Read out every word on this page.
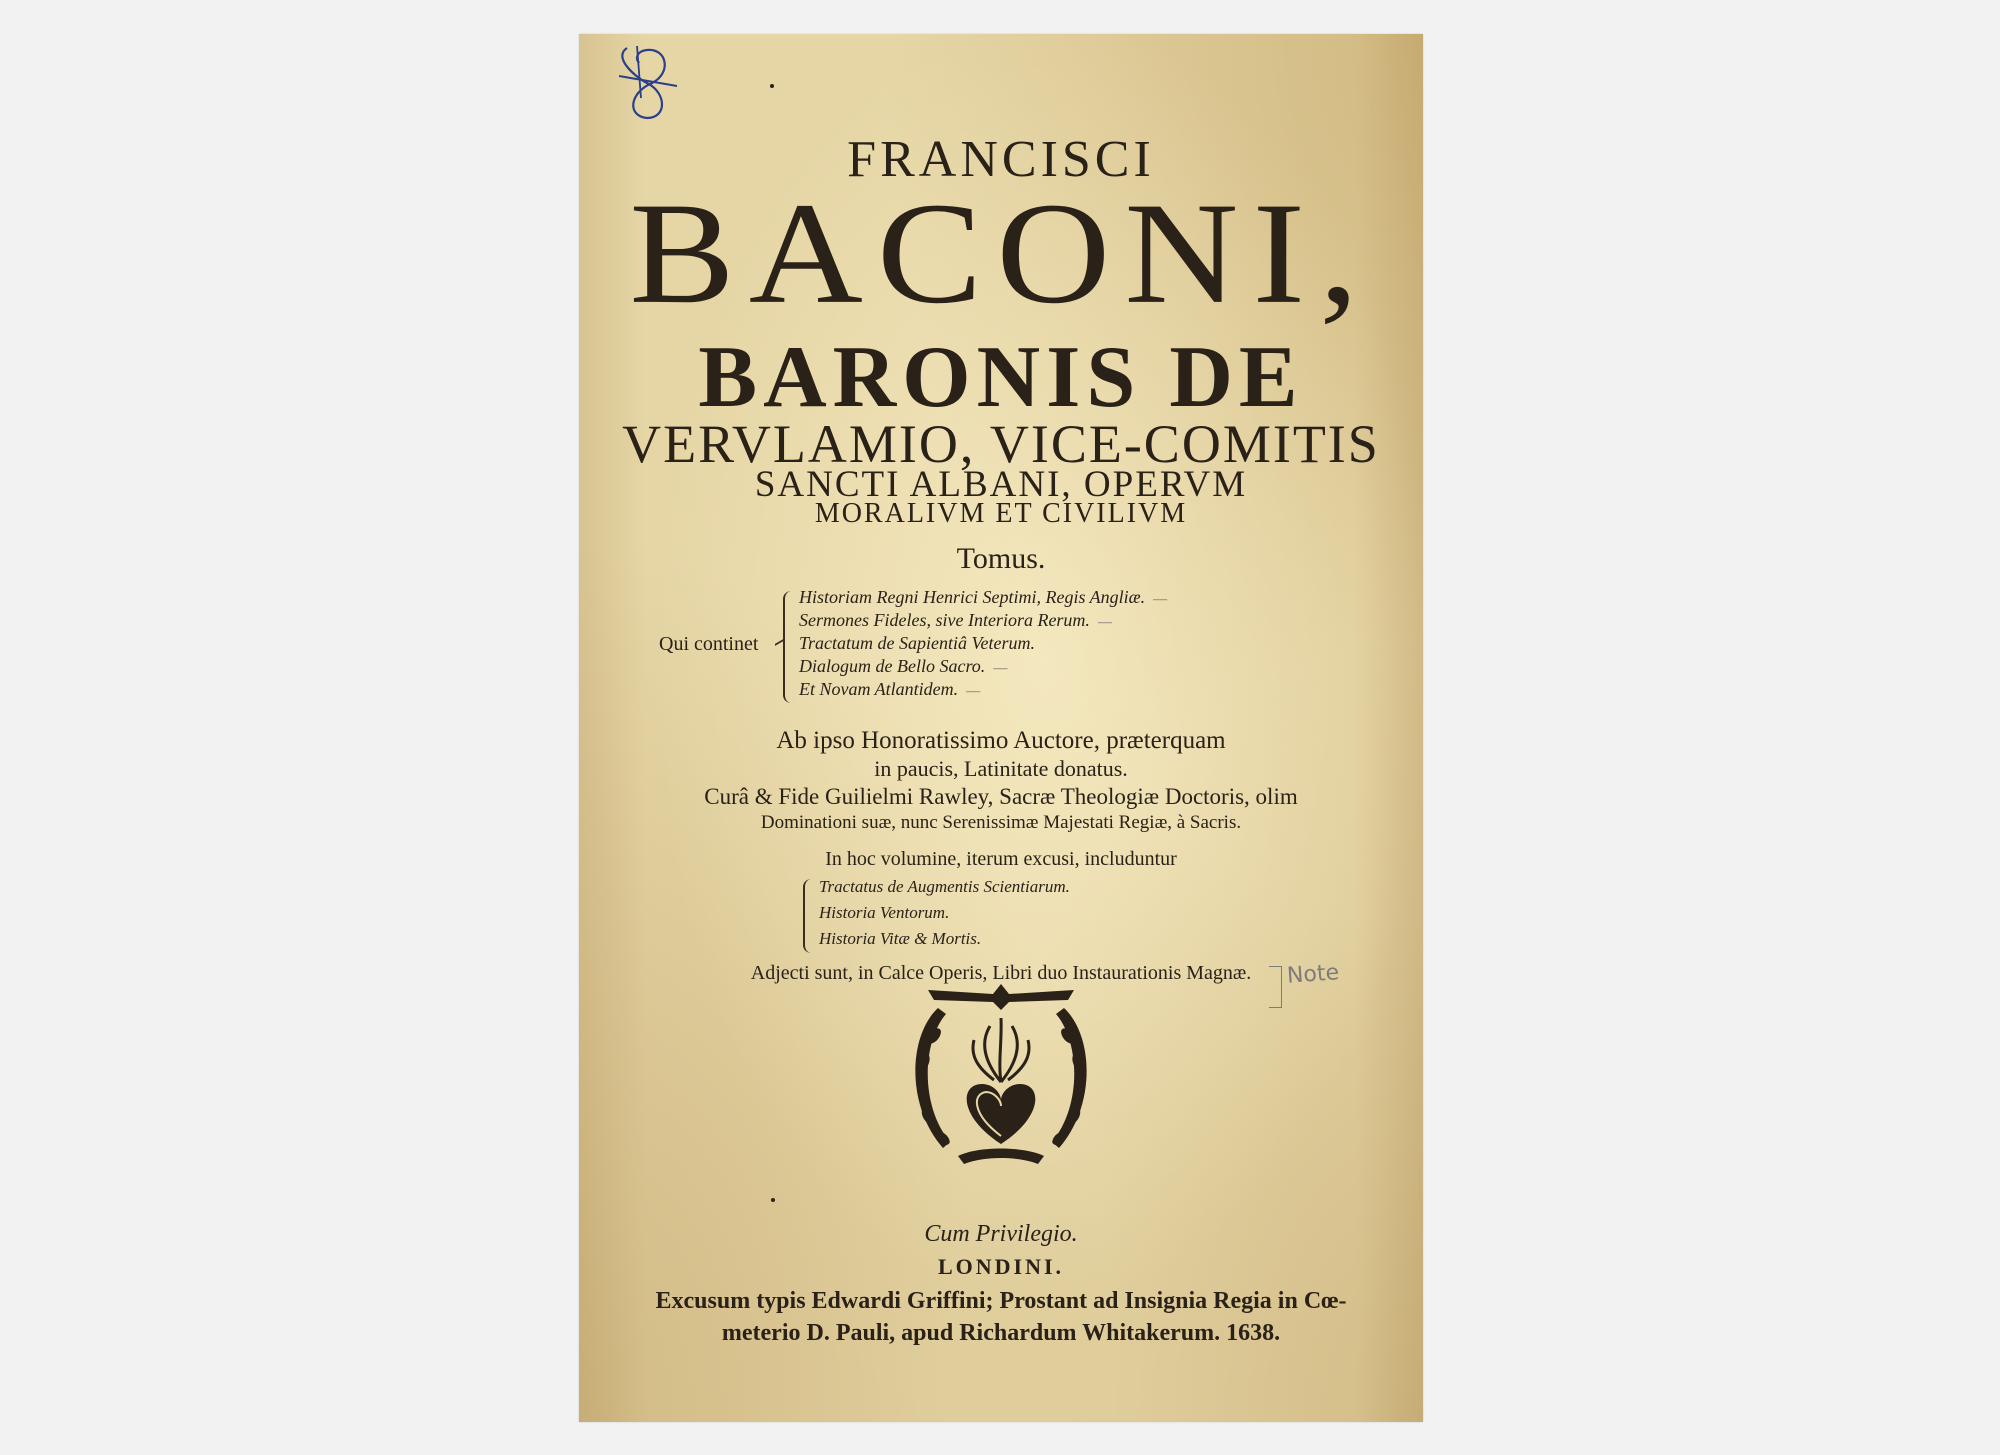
FRANCISCI
BACONI,
BARONIS DE
VERVLAMIO, VICE-COMITIS
SANCTI ALBANI, OPERVM
MORALIVM ET CIVILIVM
Tomus.
Qui continet
Historiam Regni Henrici Septimi, Regis Angliæ. —
Sermones Fideles, sive Interiora Rerum. —
Tractatum de Sapientiâ Veterum.
Dialogum de Bello Sacro. —
Et Novam Atlantidem. —
Ab ipso Honoratissimo Auctore, præterquam
in paucis, Latinitate donatus.
Curâ & Fide Guilielmi Rawley, Sacræ Theologiæ Doctoris, olim
Dominationi suæ, nunc Serenissimæ Majestati Regiæ, à Sacris.
In hoc volumine, iterum excusi, includuntur
Tractatus de Augmentis Scientiarum.
Historia Ventorum.
Historia Vitæ & Mortis.
Adjecti sunt, in Calce Operis, Libri duo Instaurationis Magnæ.	Note
Cum Privilegio.
LONDINI.
Excusum typis Edwardi Griffini; Prostant ad Insignia Regia in Cœ-
meterio D. Pauli, apud Richardum Whitakerum. 1638.
